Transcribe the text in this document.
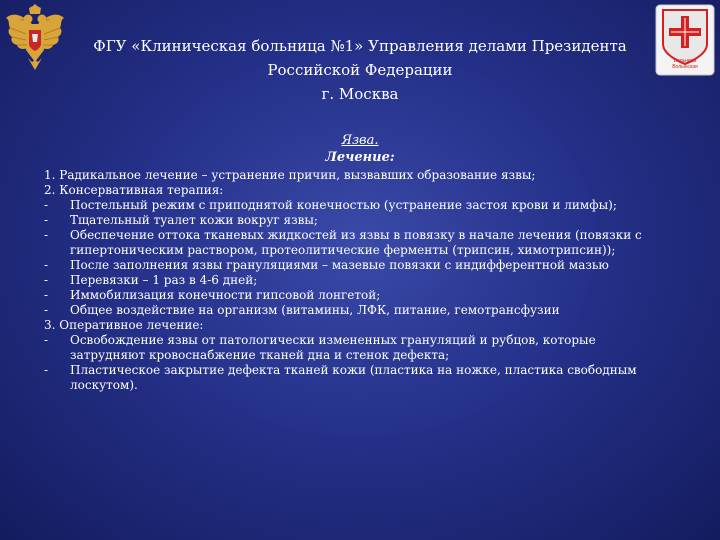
Больница
Волынская
ФГУ «Клиническая больница №1» Управления делами Президента
Российской Федерации
г. Москва
Язва.
Лечение:
1. Радикальное лечение – устранение причин, вызвавших образование язвы;
2. Консервативная терапия:
-	Постельный режим с приподнятой конечностью (устранение застоя крови и лимфы);
-	Тщательный туалет кожи вокруг язвы;
-	Обеспечение оттока тканевых жидкостей из язвы в повязку в начале лечения (повязки с
гипертоническим раствором, протеолитические ферменты (трипсин, химотрипсин));
-	После заполнения язвы грануляциями – мазевые повязки с индифферентной мазью
-	Перевязки – 1 раз в 4-6 дней;
-	Иммобилизация конечности гипсовой лонгетой;
-	Общее воздействие на организм (витамины, ЛФК, питание, гемотрансфузии
3. Оперативное лечение:
-	Освобождение язвы от патологически измененных грануляций и рубцов, которые
затрудняют кровоснабжение тканей дна и стенок дефекта;
-	Пластическое закрытие дефекта тканей кожи (пластика на ножке, пластика свободным
лоскутом).
